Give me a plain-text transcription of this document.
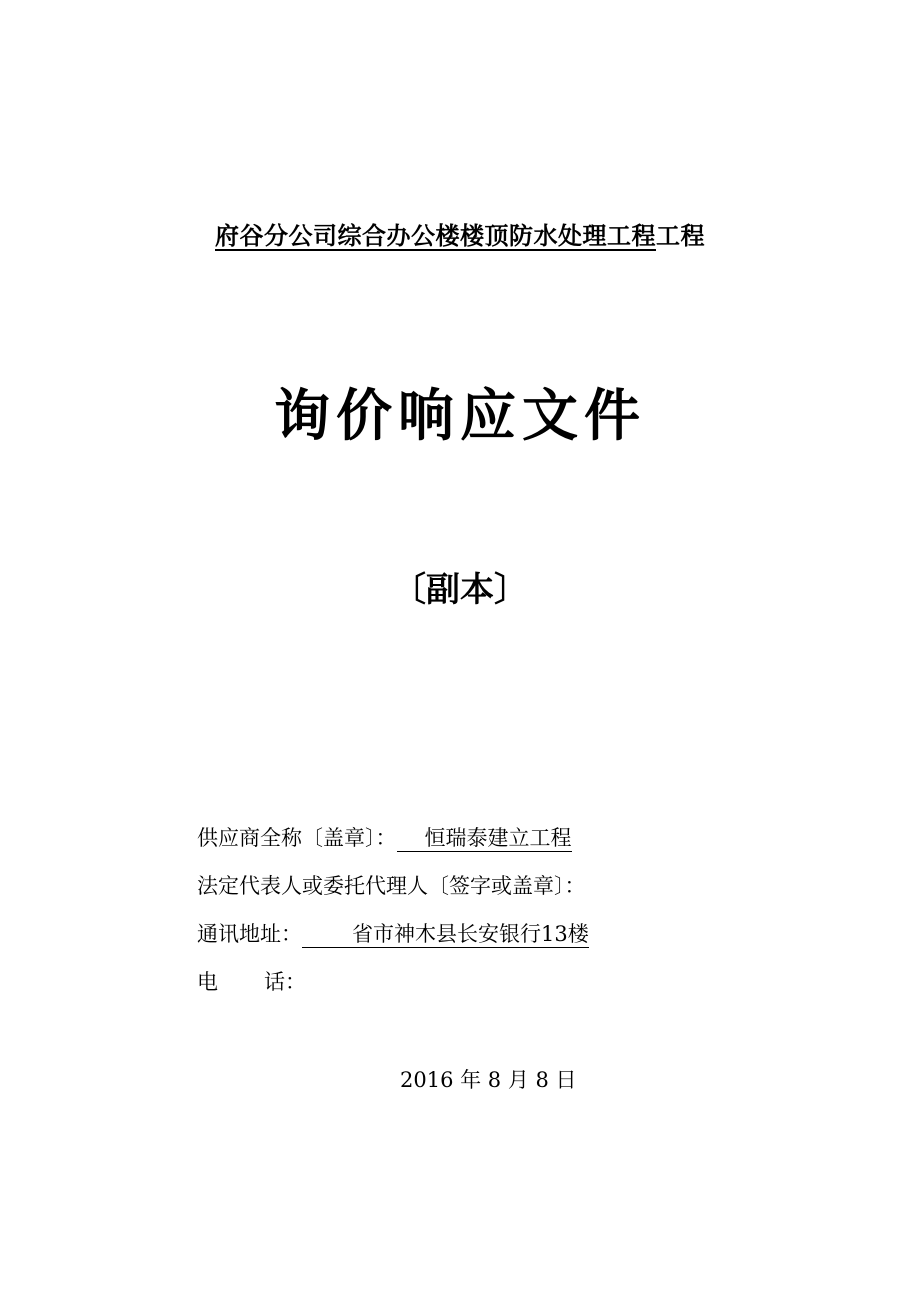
府谷分公司综合办公楼楼顶防水处理工程工程
询价响应文件
〔副本〕
供应商全称〔盖章〕： 恒瑞泰建立工程
法定代表人或委托代理人〔签字或盖章〕：
通讯地址： 省市神木县长安银行13楼
电 话：
2016 年 8 月 8 日
